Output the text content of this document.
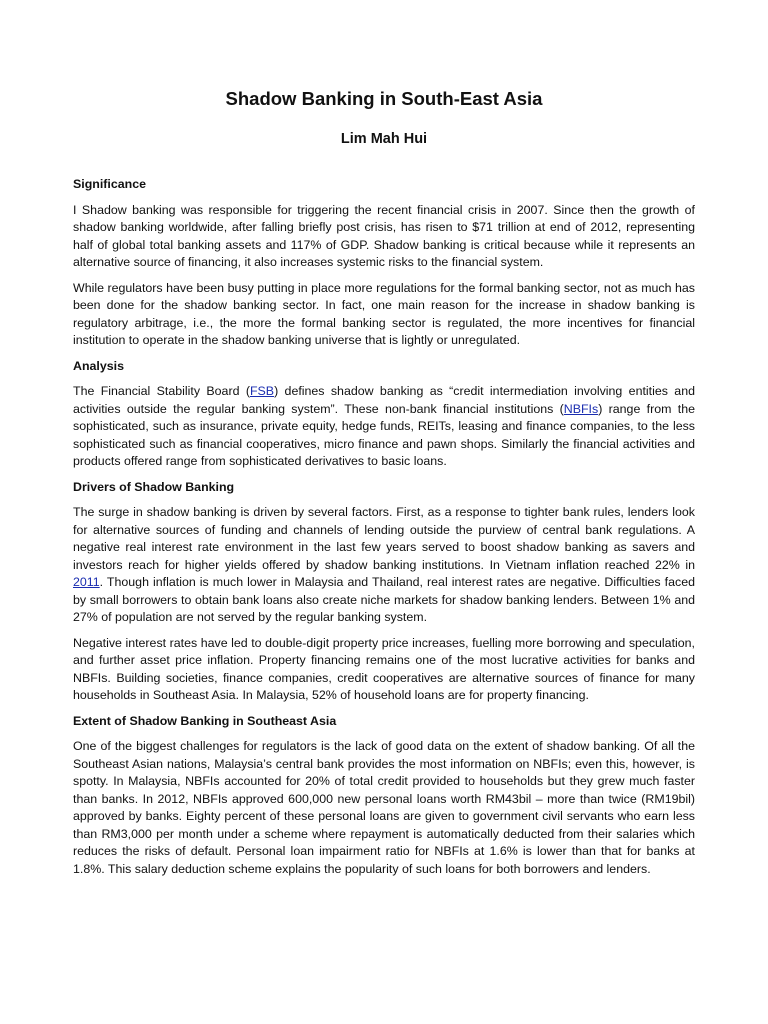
Shadow Banking in South-East Asia
Lim Mah Hui
Significance

I Shadow banking was responsible for triggering the recent financial crisis in 2007. Since then the growth of shadow banking worldwide, after falling briefly post crisis, has risen to $71 trillion at end of 2012, representing half of global total banking assets and 117% of GDP. Shadow banking is critical because while it represents an alternative source of financing, it also increases systemic risks to the financial system.

While regulators have been busy putting in place more regulations for the formal banking sector, not as much has been done for the shadow banking sector. In fact, one main reason for the increase in shadow banking is regulatory arbitrage, i.e., the more the formal banking sector is regulated, the more incentives for financial institution to operate in the shadow banking universe that is lightly or unregulated.

Analysis

The Financial Stability Board (FSB) defines shadow banking as “credit intermediation involving entities and activities outside the regular banking system”. These non-bank financial institutions (NBFIs) range from the sophisticated, such as insurance, private equity, hedge funds, REITs, leasing and finance companies, to the less sophisticated such as financial cooperatives, micro finance and pawn shops. Similarly the financial activities and products offered range from sophisticated derivatives to basic loans.

Drivers of Shadow Banking

The surge in shadow banking is driven by several factors. First, as a response to tighter bank rules, lenders look for alternative sources of funding and channels of lending outside the purview of central bank regulations. A negative real interest rate environment in the last few years served to boost shadow banking as savers and investors reach for higher yields offered by shadow banking institutions. In Vietnam inflation reached 22% in 2011. Though inflation is much lower in Malaysia and Thailand, real interest rates are negative. Difficulties faced by small borrowers to obtain bank loans also create niche markets for shadow banking lenders. Between 1% and 27% of population are not served by the regular banking system.

Negative interest rates have led to double-digit property price increases, fuelling more borrowing and speculation, and further asset price inflation. Property financing remains one of the most lucrative activities for banks and NBFIs. Building societies, finance companies, credit cooperatives are alternative sources of finance for many households in Southeast Asia. In Malaysia, 52% of household loans are for property financing.

Extent of Shadow Banking in Southeast Asia

One of the biggest challenges for regulators is the lack of good data on the extent of shadow banking. Of all the Southeast Asian nations, Malaysia’s central bank provides the most information on NBFIs; even this, however, is spotty. In Malaysia, NBFIs accounted for 20% of total credit provided to households but they grew much faster than banks. In 2012, NBFIs approved 600,000 new personal loans worth RM43bil – more than twice (RM19bil) approved by banks. Eighty percent of these personal loans are given to government civil servants who earn less than RM3,000 per month under a scheme where repayment is automatically deducted from their salaries which reduces the risks of default. Personal loan impairment ratio for NBFIs at 1.6% is lower than that for banks at 1.8%. This salary deduction scheme explains the popularity of such loans for both borrowers and lenders.
